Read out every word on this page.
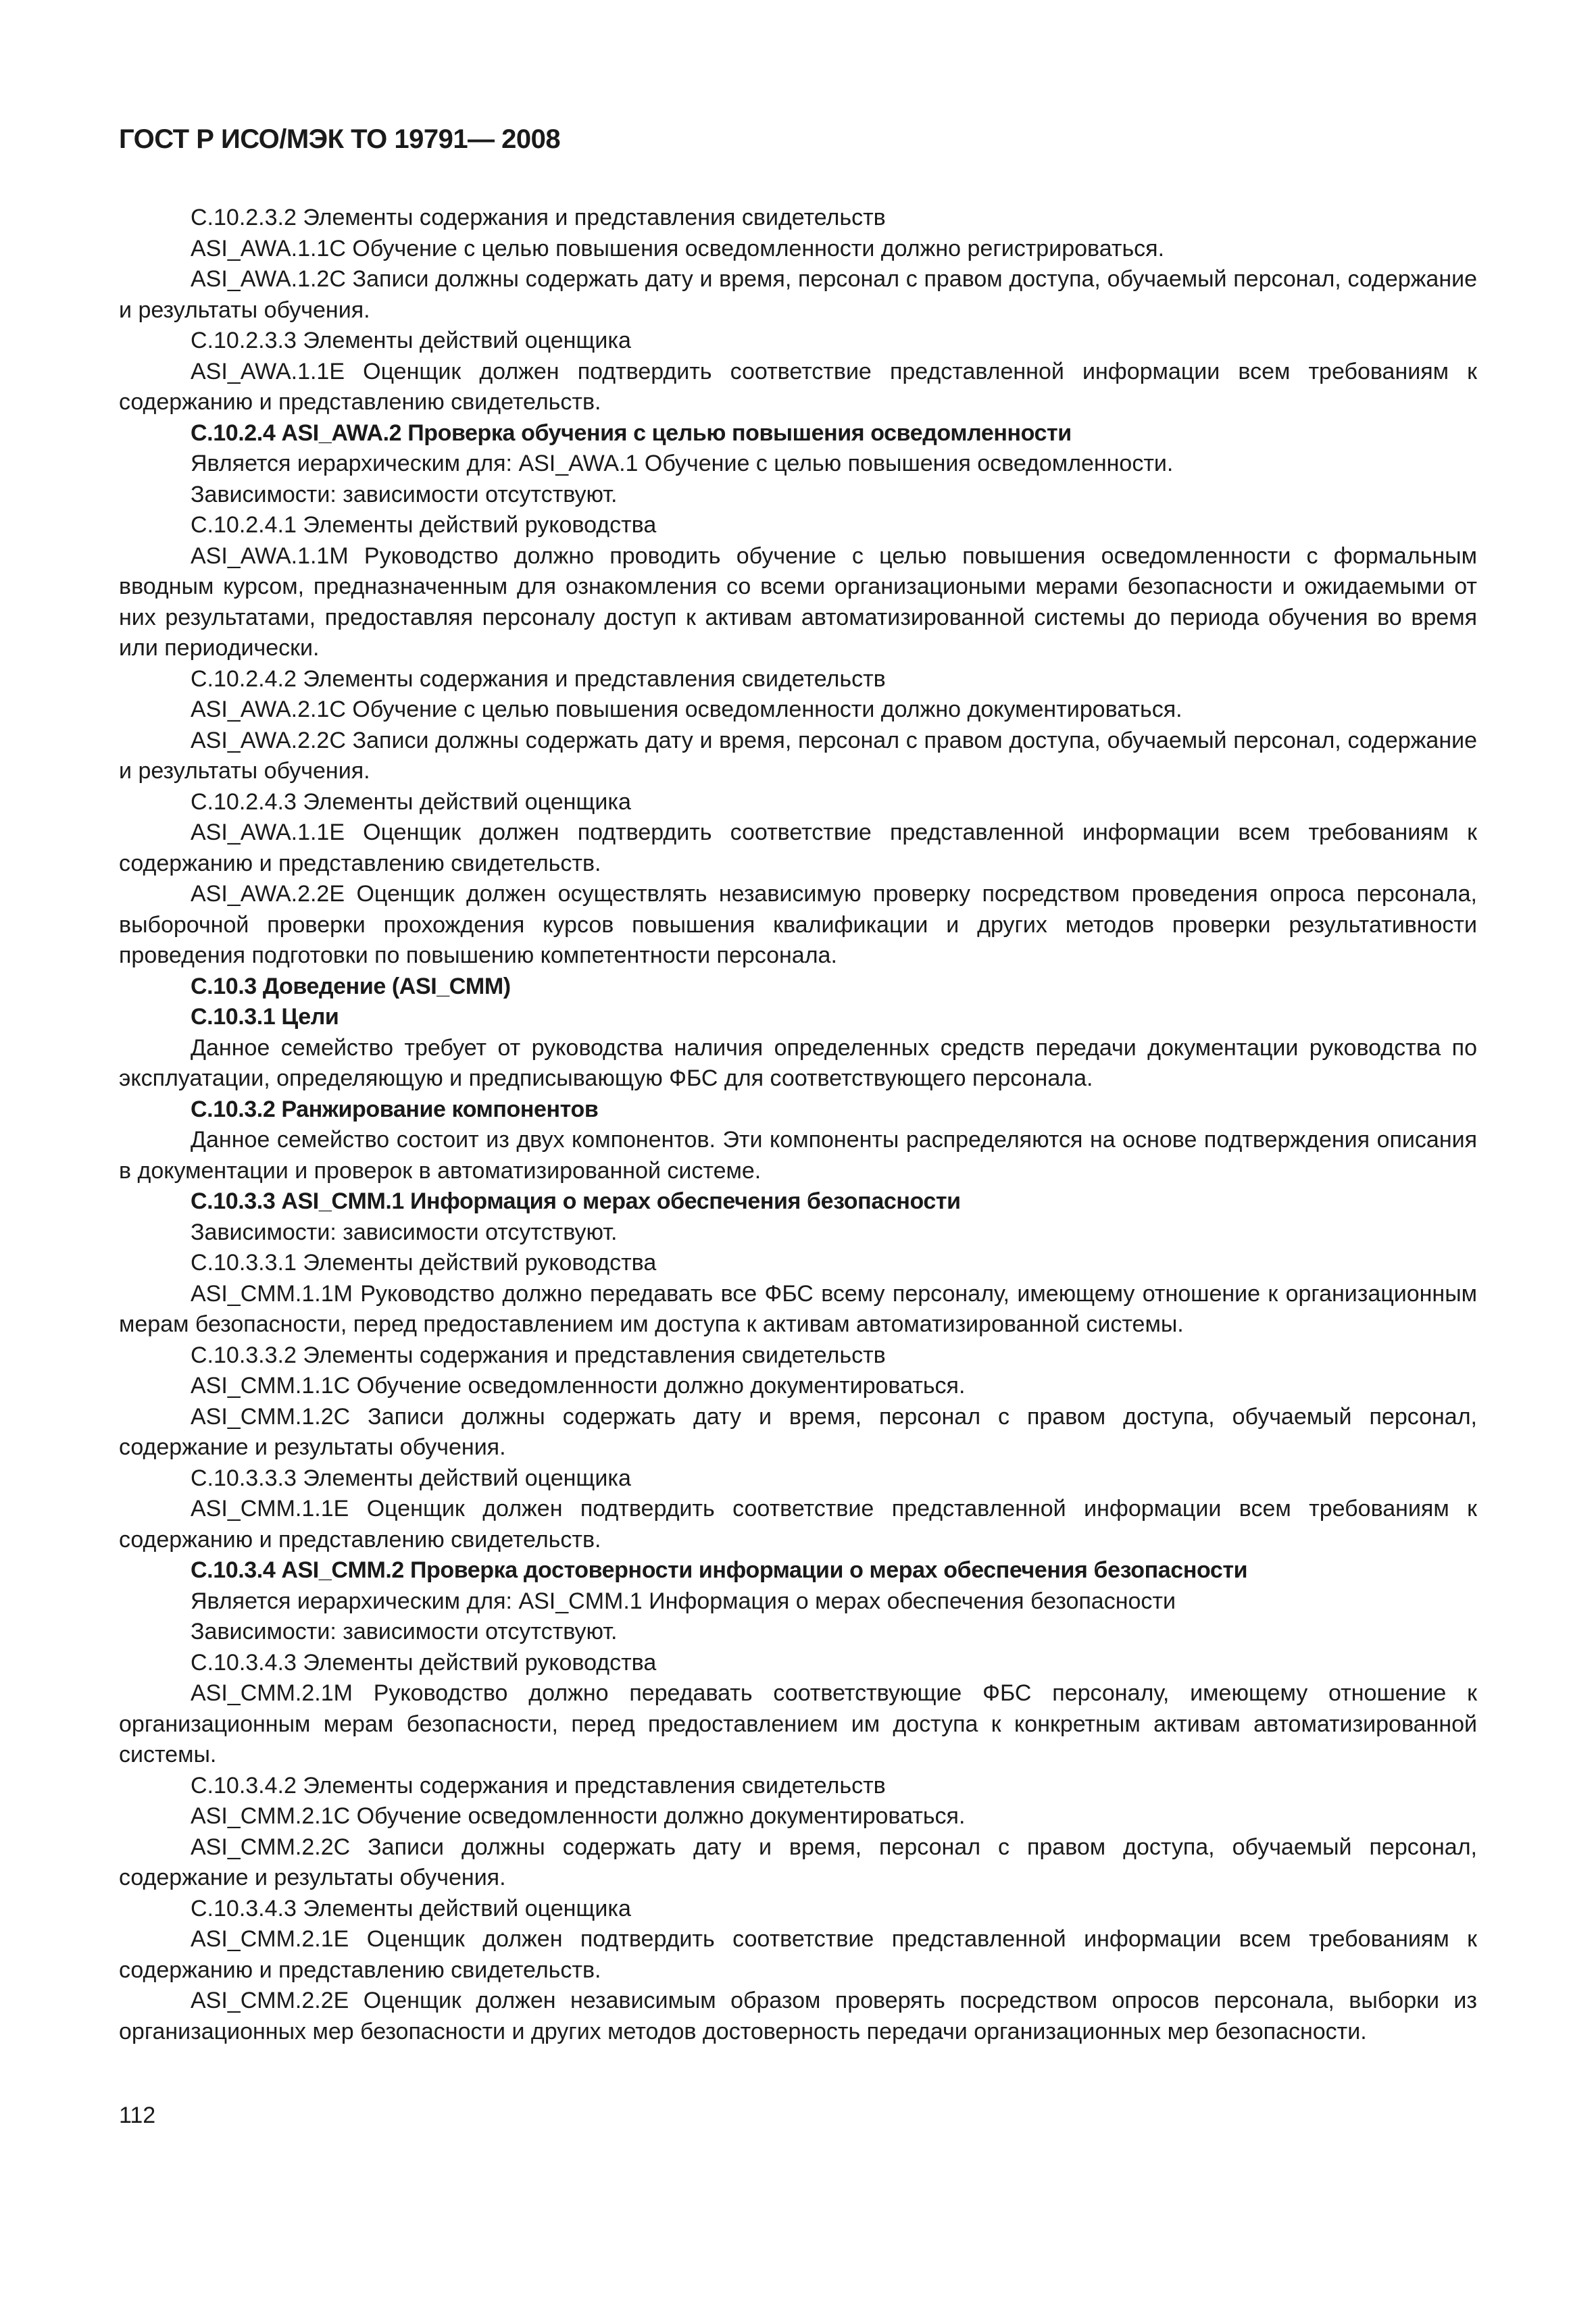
ГОСТ Р ИСО/МЭК ТО 19791— 2008

С.10.2.3.2 Элементы содержания и представления свидетельств

ASI_AWA.1.1C Обучение с целью повышения осведомленности должно регистрироваться.

ASI_AWA.1.2C Записи должны содержать дату и время, персонал с правом доступа, обучаемый персонал, содержание и результаты обучения.

С.10.2.3.3 Элементы действий оценщика

ASI_AWA.1.1E Оценщик должен подтвердить соответствие представленной информации всем требованиям к содержанию и представлению свидетельств.

С.10.2.4 ASI_AWA.2 Проверка обучения с целью повышения осведомленности

Является иерархическим для: ASI_AWA.1 Обучение с целью повышения осведомленности.

Зависимости: зависимости отсутствуют.

С.10.2.4.1 Элементы действий руководства

ASI_AWA.1.1M Руководство должно проводить обучение с целью повышения осведомленности с формальным вводным курсом, предназначенным для ознакомления со всеми организациоными мерами безопасности и ожидаемыми от них результатами, предоставляя персоналу доступ к активам автоматизированной системы до периода обучения во время или периодически.

С.10.2.4.2 Элементы содержания и представления свидетельств

ASI_AWA.2.1C Обучение с целью повышения осведомленности должно документироваться.

ASI_AWA.2.2C Записи должны содержать дату и время, персонал с правом доступа, обучаемый персонал, содержание и результаты обучения.

С.10.2.4.3 Элементы действий оценщика

ASI_AWA.1.1E Оценщик должен подтвердить соответствие представленной информации всем требованиям к содержанию и представлению свидетельств.

ASI_AWA.2.2E Оценщик должен осуществлять независимую проверку посредством проведения опроса персонала, выборочной проверки прохождения курсов повышения квалификации и других методов проверки результативности проведения подготовки по повышению компетентности персонала.

С.10.3 Доведение (ASI_CMM)

С.10.3.1 Цели

Данное семейство требует от руководства наличия определенных средств передачи документации руководства по эксплуатации, определяющую и предписывающую ФБС для соответствующего персонала.

С.10.3.2 Ранжирование компонентов

Данное семейство состоит из двух компонентов. Эти компоненты распределяются на основе подтверждения описания в документации и проверок в автоматизированной системе.

С.10.3.3 ASI_CMM.1 Информация о мерах обеспечения безопасности

Зависимости: зависимости отсутствуют.

С.10.3.3.1 Элементы действий руководства

ASI_CMM.1.1M Руководство должно передавать все ФБС всему персоналу, имеющему отношение к организационным мерам безопасности, перед предоставлением им доступа к активам автоматизированной системы.

С.10.3.3.2 Элементы содержания и представления свидетельств

ASI_CMM.1.1C Обучение осведомленности должно документироваться.

ASI_CMM.1.2C Записи должны содержать дату и время, персонал с правом доступа, обучаемый персонал, содержание и результаты обучения.

С.10.3.3.3 Элементы действий оценщика

ASI_CMM.1.1E Оценщик должен подтвердить соответствие представленной информации всем требованиям к содержанию и представлению свидетельств.

С.10.3.4 ASI_CMM.2 Проверка достоверности информации о мерах обеспечения безопасности

Является иерархическим для: ASI_CMM.1 Информация о мерах обеспечения безопасности

Зависимости: зависимости отсутствуют.

С.10.3.4.3 Элементы действий руководства

ASI_CMM.2.1M Руководство должно передавать соответствующие ФБС персоналу, имеющему отношение к организационным мерам безопасности, перед предоставлением им доступа к конкретным активам автоматизированной системы.

С.10.3.4.2 Элементы содержания и представления свидетельств

ASI_CMM.2.1C Обучение осведомленности должно документироваться.

ASI_CMM.2.2C Записи должны содержать дату и время, персонал с правом доступа, обучаемый персонал, содержание и результаты обучения.

С.10.3.4.3 Элементы действий оценщика

ASI_CMM.2.1E Оценщик должен подтвердить соответствие представленной информации всем требованиям к содержанию и представлению свидетельств.

ASI_CMM.2.2E Оценщик должен независимым образом проверять посредством опросов персонала, выборки из организационных мер безопасности и других методов достоверность передачи организационных мер безопасности.

112
